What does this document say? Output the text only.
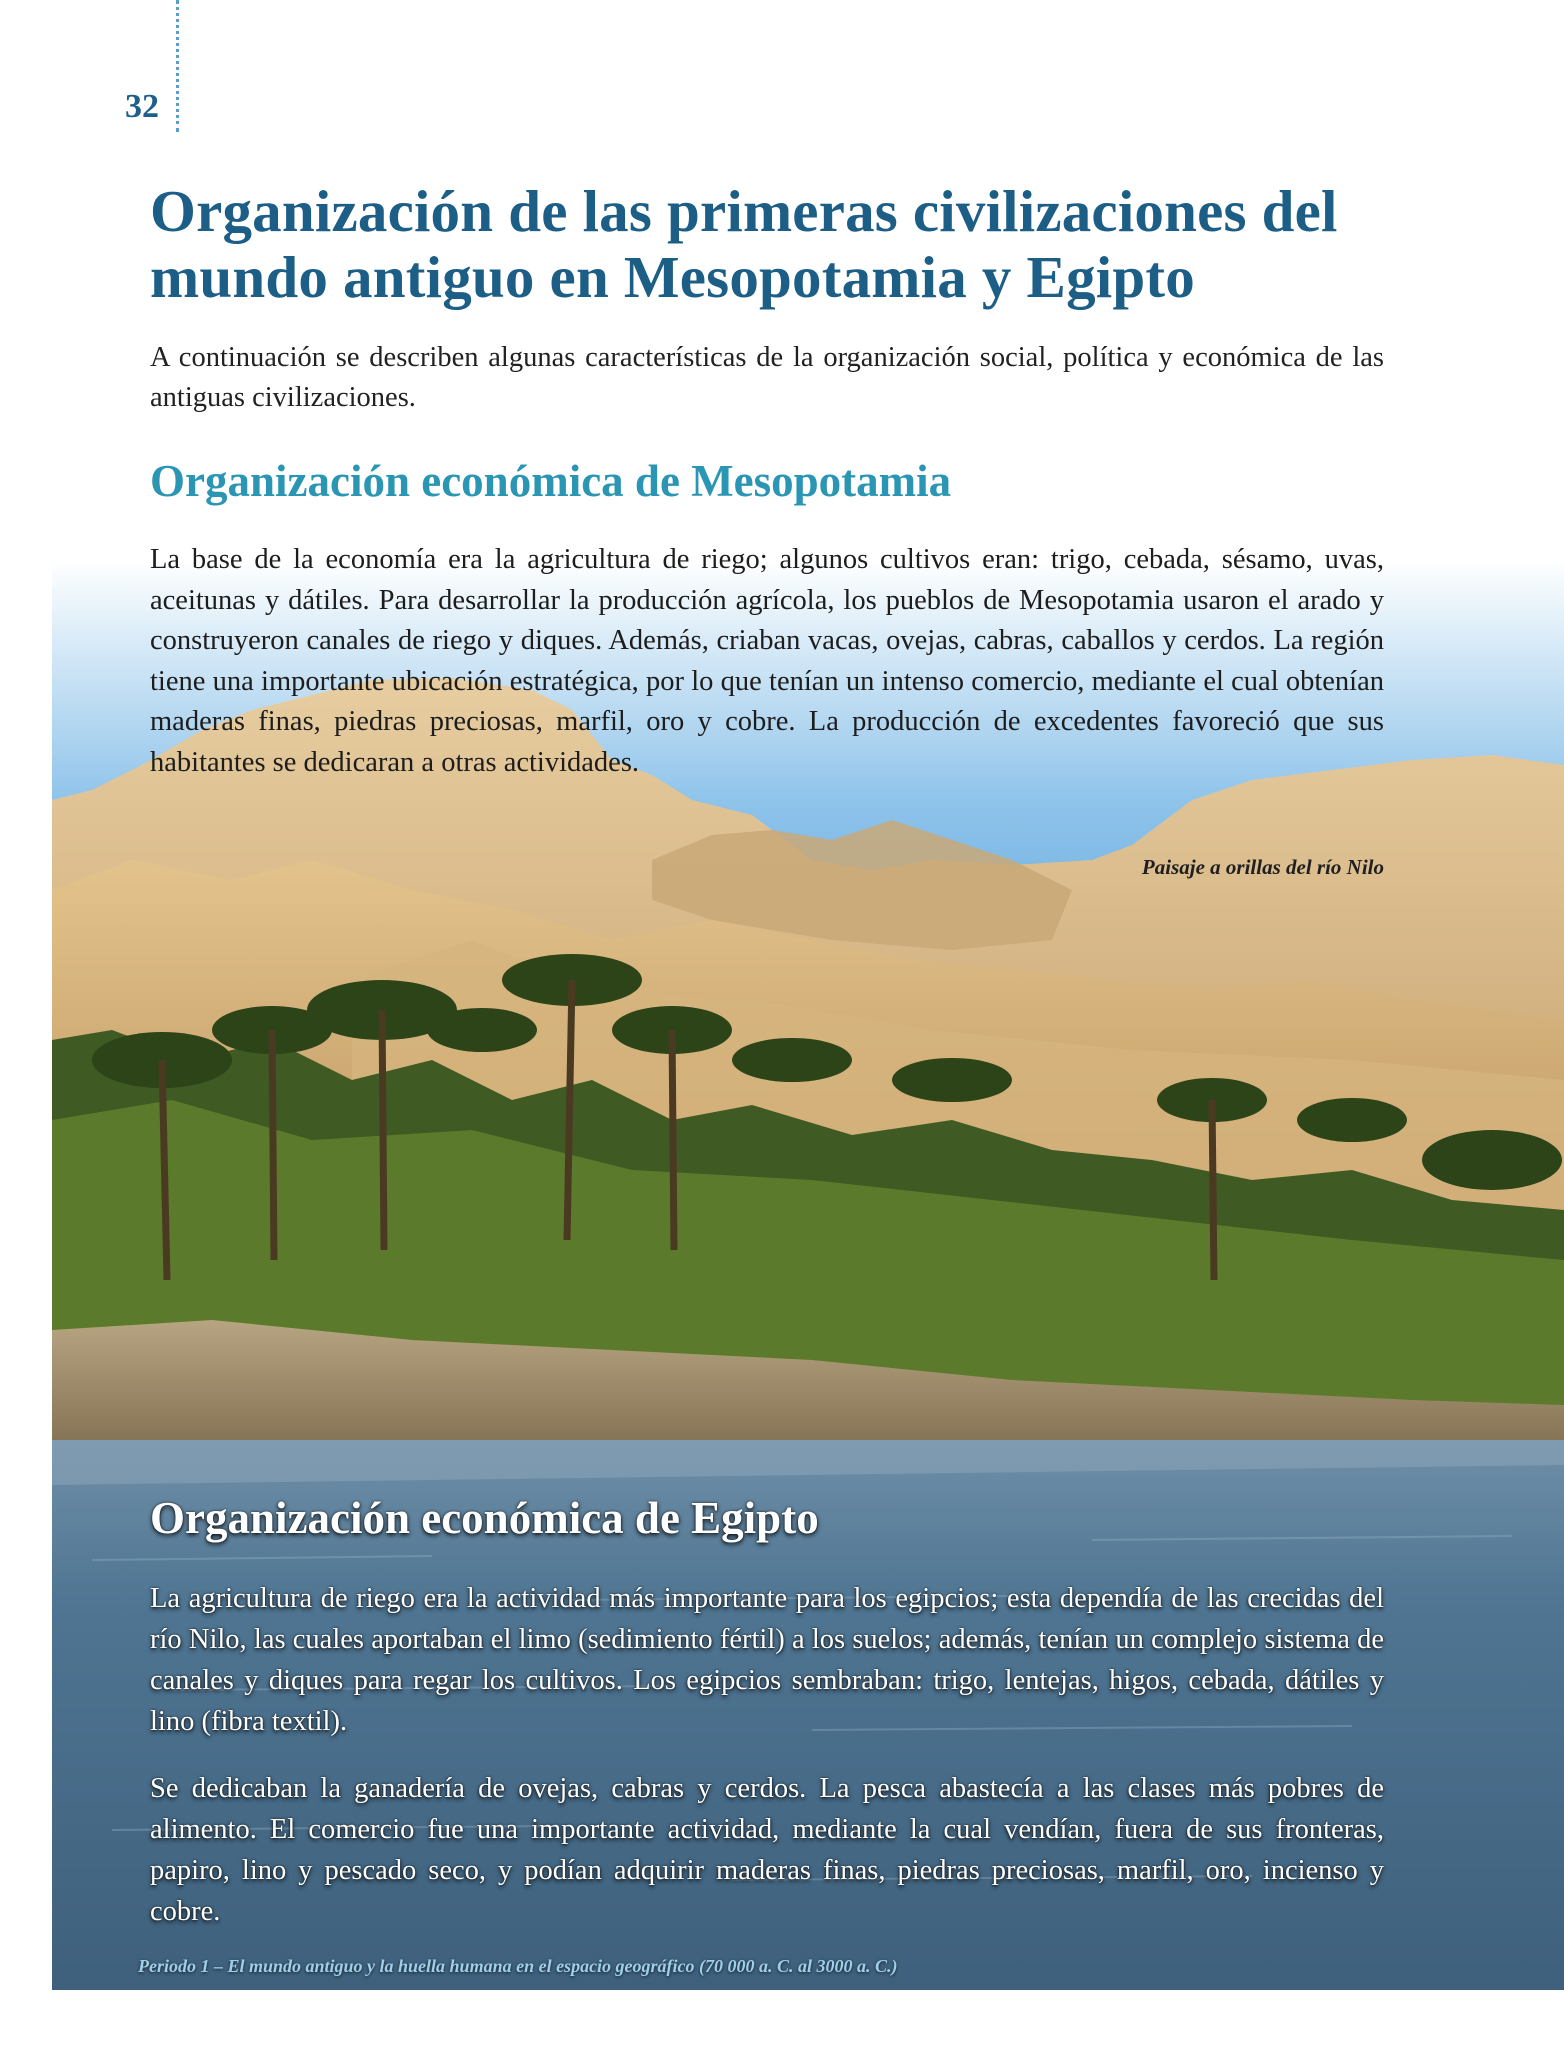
32
Organización de las primeras civilizaciones del mundo antiguo en Mesopotamia y Egipto

A continuación se describen algunas características de la organización social, política y económica de las antiguas civilizaciones.

Organización económica de Mesopotamia

La base de la economía era la agricultura de riego; algunos cultivos eran: trigo, cebada, sésamo, uvas, aceitunas y dátiles. Para desarrollar la producción agrícola, los pueblos de Mesopotamia usaron el arado y construyeron canales de riego y diques. Además, criaban vacas, ovejas, cabras, caballos y cerdos. La región tiene una importante ubicación estratégica, por lo que tenían un intenso comercio, mediante el cual obtenían maderas finas, piedras preciosas, marfil, oro y cobre. La producción de excedentes favoreció que sus habitantes se dedicaran a otras actividades.

Paisaje a orillas del río Nilo

Organización económica de Egipto

La agricultura de riego era la actividad más importante para los egipcios; esta dependía de las crecidas del río Nilo, las cuales aportaban el limo (sedimiento fértil) a los suelos; además, tenían un complejo sistema de canales y diques para regar los cultivos. Los egipcios sembraban: trigo, lentejas, higos, cebada, dátiles y lino (fibra textil).

Se dedicaban la ganadería de ovejas, cabras y cerdos. La pesca abastecía a las clases más pobres de alimento. El comercio fue una importante actividad, mediante la cual vendían, fuera de sus fronteras, papiro, lino y pescado seco, y podían adquirir maderas finas, piedras preciosas, marfil, oro, incienso y cobre.

Periodo 1 – El mundo antiguo y la huella humana en el espacio geográfico (70 000 a. C. al 3000 a. C.)
